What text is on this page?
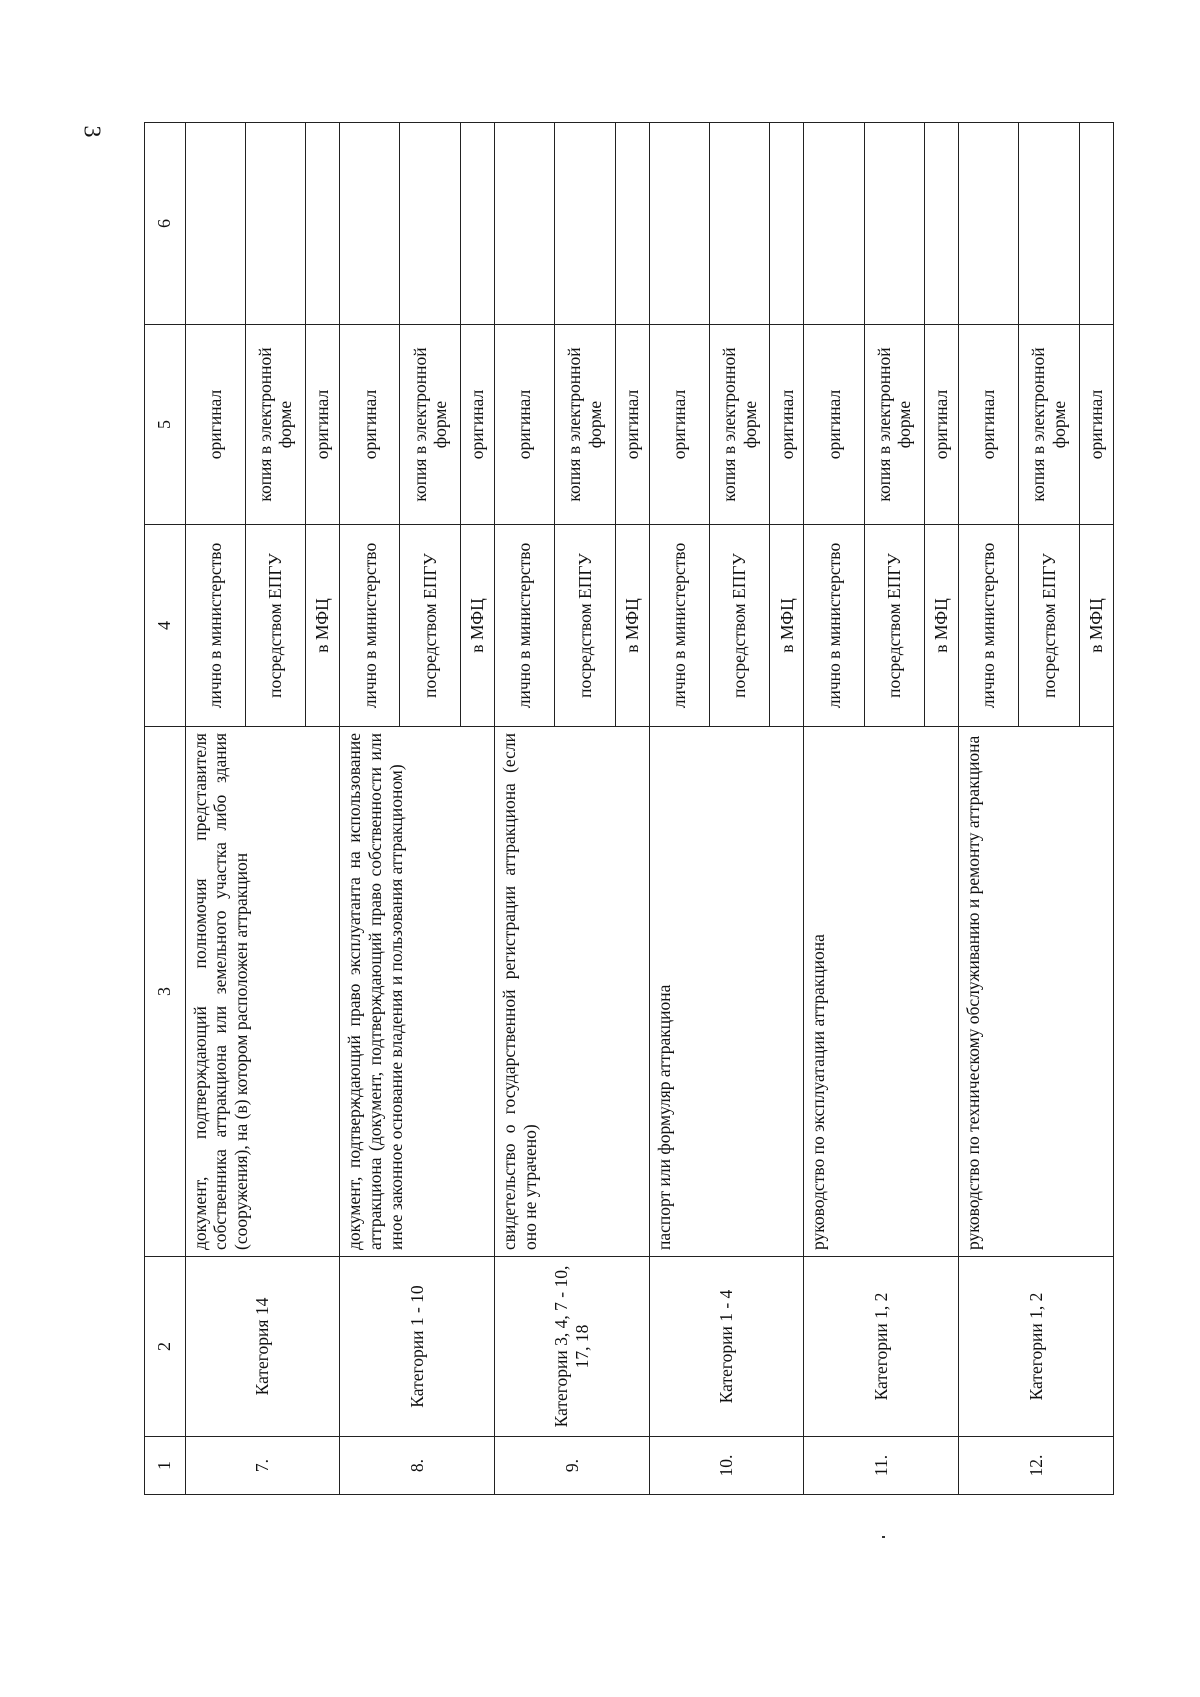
3
1	2	3	4	5	6
7.	Категория 14	документ, подтверждающий полномочия представителя собственника аттракциона или земельного участка либо здания (сооружения), на (в) котором расположен аттракцион	лично в министерство	оригинал	
			посредством ЕПГУ	копия в электронной форме	
			в МФЦ	оригинал	
8.	Категории 1 - 10	документ, подтверждающий право эксплуатанта на использование аттракциона (документ, подтверждающий право собственности или иное законное основание владения и пользования аттракционом)	лично в министерство	оригинал	
			посредством ЕПГУ	копия в электронной форме	
			в МФЦ	оригинал	
9.	Категории 3, 4, 7 - 10, 17, 18	свидетельство о государственной регистрации аттракциона (если оно не утрачено)	лично в министерство	оригинал	
			посредством ЕПГУ	копия в электронной форме	
			в МФЦ	оригинал	
10.	Категории 1 - 4	паспорт или формуляр аттракциона	лично в министерство	оригинал	
			посредством ЕПГУ	копия в электронной форме	
			в МФЦ	оригинал	
11.	Категории 1, 2	руководство по эксплуатации аттракциона	лично в министерство	оригинал	
			посредством ЕПГУ	копия в электронной форме	
			в МФЦ	оригинал	
12.	Категории 1, 2	руководство по техническому обслуживанию и ремонту аттракциона	лично в министерство	оригинал	
			посредством ЕПГУ	копия в электронной форме	
			в МФЦ	оригинал	
